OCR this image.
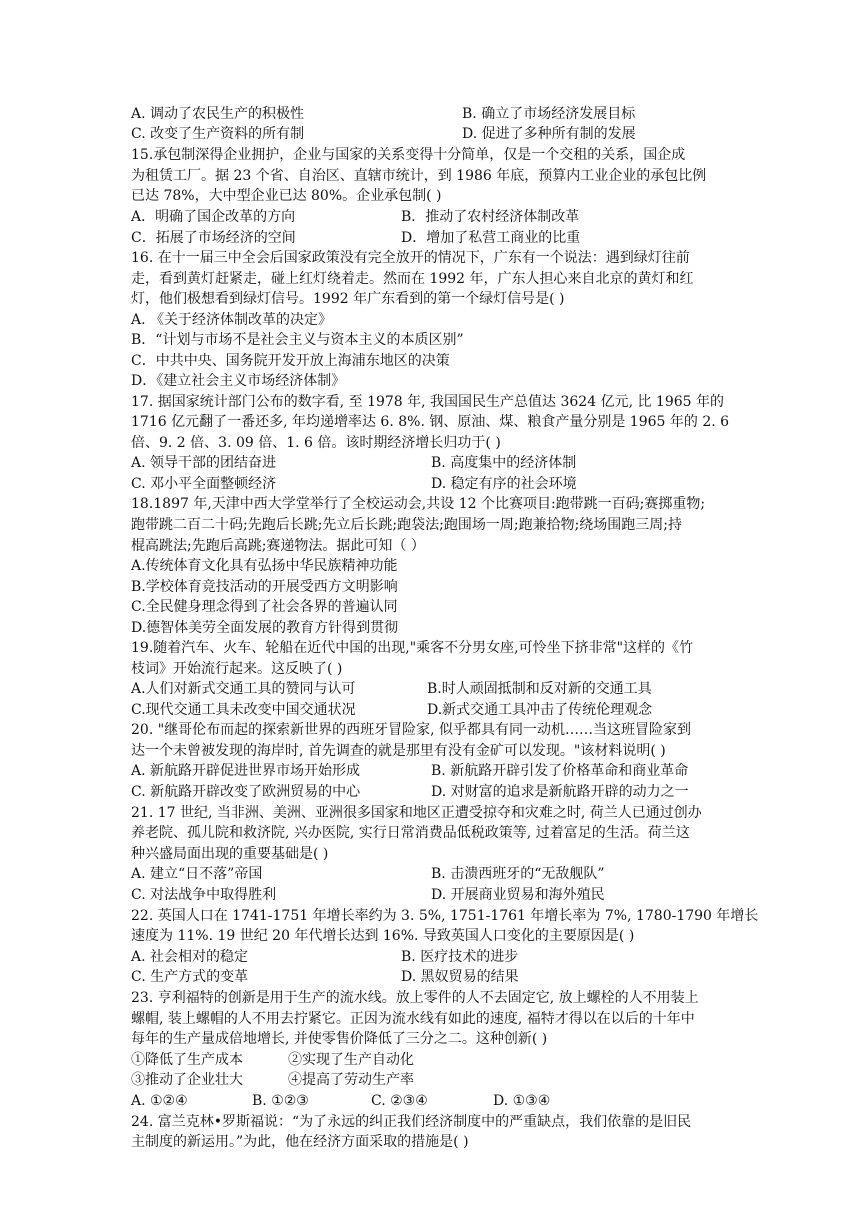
A. 调动了农民生产的积极性	B. 确立了市场经济发展目标
C. 改变了生产资料的所有制	D. 促进了多种所有制的发展
15.承包制深得企业拥护，企业与国家的关系变得十分简单，仅是一个交租的关系，国企成
为租赁工厂。据 23 个省、自治区、直辖市统计，到 1986 年底，预算内工业企业的承包比例
已达 78%，大中型企业已达 80%。企业承包制( )
A．明确了国企改革的方向	B．推动了农村经济体制改革
C．拓展了市场经济的空间	D．增加了私营工商业的比重
16. 在十一届三中全会后国家政策没有完全放开的情况下，广东有一个说法：遇到绿灯往前
走，看到黄灯赶紧走，碰上红灯绕着走。然而在 1992 年，广东人担心来自北京的黄灯和红
灯，他们极想看到绿灯信号。1992 年广东看到的第一个绿灯信号是( )
A. 《关于经济体制改革的决定》
B．“计划与市场不是社会主义与资本主义的本质区别”
C．中共中央、国务院开发开放上海浦东地区的决策
D．《建立社会主义市场经济体制》
17. 据国家统计部门公布的数字看, 至 1978 年, 我国国民生产总值达 3624 亿元, 比 1965 年的
1716 亿元翻了一番还多, 年均递增率达 6. 8%. 钢、原油、煤、粮食产量分别是 1965 年的 2. 6
倍、9. 2 倍、3. 09 倍、1. 6 倍。该时期经济增长归功于( )
A. 领导干部的团结奋进	B. 高度集中的经济体制
C. 邓小平全面整顿经济	D. 稳定有序的社会环境
18.1897 年,天津中西大学堂举行了全校运动会,共设 12 个比赛项目:跑带跳一百码;赛掷重物;
跑带跳二百二十码;先跑后长跳;先立后长跳;跑袋法;跑围场一周;跑兼拾物;绕场围跑三周;持
棍高跳法;先跑后高跳;赛递物法。据此可知（ ）
A.传统体育文化具有弘扬中华民族精神功能
B.学校体育竞技活动的开展受西方文明影响
C.全民健身理念得到了社会各界的普遍认同
D.德智体美劳全面发展的教育方针得到贯彻
19.随着汽车、火车、轮船在近代中国的出现,"乘客不分男女座,可怜坐下挤非常"这样的《竹
枝词》开始流行起来。这反映了( )
A.人们对新式交通工具的赞同与认可	B.时人顽固抵制和反对新的交通工具
C.现代交通工具未改变中国交通状况	D.新式交通工具冲击了传统伦理观念
20. "继哥伦布而起的探索新世界的西班牙冒险家, 似乎都具有同一动机……当这班冒险家到
达一个未曾被发现的海岸时, 首先调查的就是那里有没有金矿可以发现。"该材料说明( )
A. 新航路开辟促进世界市场开始形成	B. 新航路开辟引发了价格革命和商业革命
C. 新航路开辟改变了欧洲贸易的中心	D. 对财富的追求是新航路开辟的动力之一
21. 17 世纪, 当非洲、美洲、亚洲很多国家和地区正遭受掠夺和灾难之时, 荷兰人已通过创办
养老院、孤儿院和救济院, 兴办医院, 实行日常消费品低税政策等, 过着富足的生活。荷兰这
种兴盛局面出现的重要基础是( )
A. 建立“日不落”帝国	B. 击溃西班牙的“无敌舰队”
C. 对法战争中取得胜利	D. 开展商业贸易和海外殖民
22. 英国人口在 1741-1751 年增长率约为 3. 5%, 1751-1761 年增长率为 7%, 1780-1790 年增长
速度为 11%. 19 世纪 20 年代增长达到 16%. 导致英国人口变化的主要原因是( )
A. 社会相对的稳定	B. 医疗技术的进步
C. 生产方式的变革	D. 黑奴贸易的结果
23. 亨利福特的创新是用于生产的流水线。放上零件的人不去固定它, 放上螺栓的人不用装上
螺帽, 装上螺帽的人不用去拧紧它。正因为流水线有如此的速度, 福特才得以在以后的十年中
每年的生产量成倍地增长, 并使零售价降低了三分之二。这种创新( )
①降低了生产成本	②实现了生产自动化
③推动了企业壮大	④提高了劳动生产率
A. ①②④	B. ①②③	C. ②③④	D. ①③④
24. 富兰克林•罗斯福说：“为了永远的纠正我们经济制度中的严重缺点，我们依靠的是旧民
主制度的新运用。”为此，他在经济方面采取的措施是( )
